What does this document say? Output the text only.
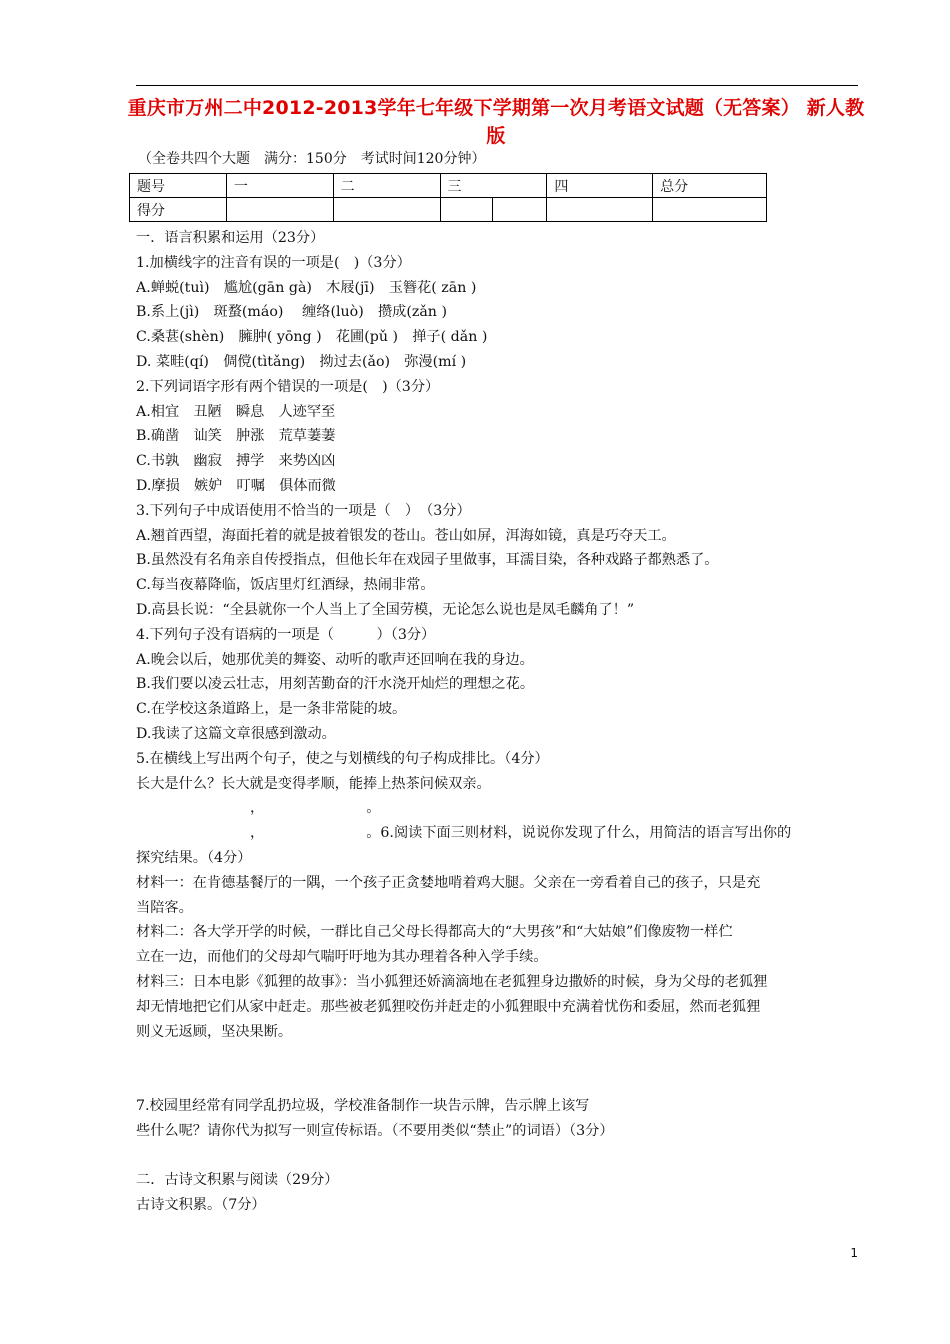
重庆市万州二中2012-2013学年七年级下学期第一次月考语文试题（无答案） 新人教版
（全卷共四个大题　满分：150分　考试时间120分钟）
题号	一	二	三		四	总分
得分						

一．语言积累和运用（23分）

1.加横线字的注音有误的一项是(　)（3分）

A.蝉蜕(tuì)　尴尬(gān gà)　木屐(jī)　玉簪花( zān )

B.系上(jì)　斑蝥(máo)　 缠络(luò)　攒成(zǎn )

C.桑葚(shèn)　臃肿( yōng )　花圃(pǔ )　掸子( dǎn )

D. 菜畦(qí)　倜傥(tìtǎng)　拗过去(ǎo)　弥漫(mí )

2.下列词语字形有两个错误的一项是(　)（3分）

A.相宜　丑陋　瞬息　人迹罕至

B.确凿　讪笑　肿涨　荒草萋萋

C.书孰　幽寂　搏学　来势凶凶

D.摩损　嫉妒　叮嘱　俱体而微

3.下列句子中成语使用不恰当的一项是（　）　（3分）

A.翘首西望，海面托着的就是披着银发的苍山。苍山如屏，洱海如镜，真是巧夺天工。

B.虽然没有名角亲自传授指点，但他长年在戏园子里做事，耳濡目染，各种戏路子都熟悉了。

C.每当夜幕降临，饭店里灯红酒绿，热闹非常。

D.高县长说：“全县就你一个人当上了全国劳模，无论怎么说也是凤毛麟角了！”

4.下列句子没有语病的一项是（　　　）（3分）

A.晚会以后，她那优美的舞姿、动听的歌声还回响在我的身边。

B.我们要以凌云壮志，用刻苦勤奋的汗水浇开灿烂的理想之花。

C.在学校这条道路上，是一条非常陡的坡。

D.我读了这篇文章很感到激动。

5.在横线上写出两个句子，使之与划横线的句子构成排比。（4分）

长大是什么？长大就是变得孝顺，能捧上热茶问候双亲。

，	。

，	。6.阅读下面三则材料，说说你发现了什么，用简洁的语言写出你的

探究结果。（4分）

材料一：在肯德基餐厅的一隅，一个孩子正贪婪地啃着鸡大腿。父亲在一旁看着自己的孩子，只是充

当陪客。

材料二：各大学开学的时候，一群比自己父母长得都高大的“大男孩”和“大姑娘”们像废物一样伫

立在一边，而他们的父母却气喘吁吁地为其办理着各种入学手续。

材料三：日本电影《狐狸的故事》：当小狐狸还娇滴滴地在老狐狸身边撒娇的时候，身为父母的老狐狸

却无情地把它们从家中赶走。那些被老狐狸咬伤并赶走的小狐狸眼中充满着忧伤和委屈，然而老狐狸

则义无返顾，坚决果断。

7.校园里经常有同学乱扔垃圾，学校准备制作一块告示牌，告示牌上该写

些什么呢？请你代为拟写一则宣传标语。（不要用类似“禁止”的词语）（3分）

二．古诗文积累与阅读（29分）

古诗文积累。（7分）

1
